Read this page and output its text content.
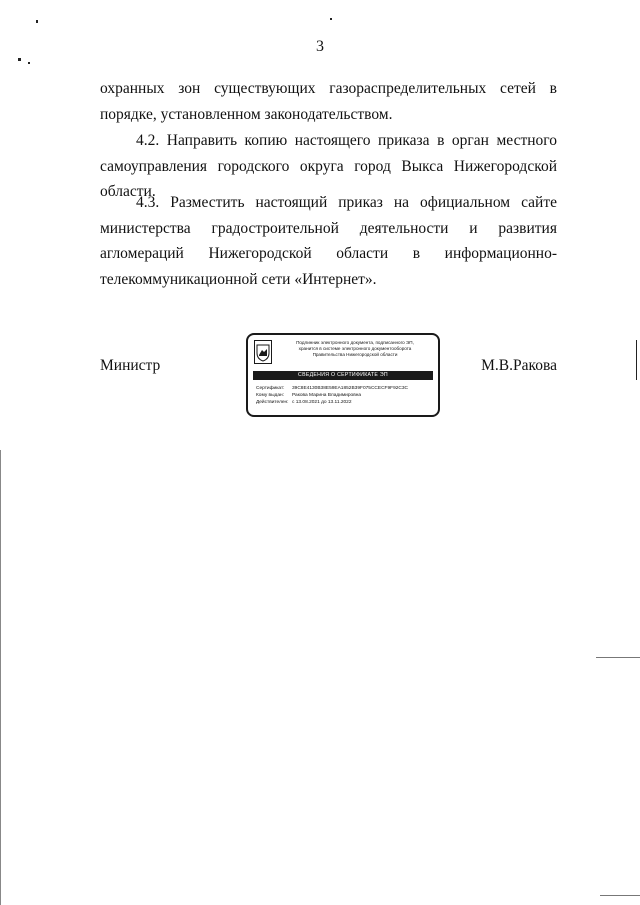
3
охранных зон существующих газораспределительных сетей в порядке, установленном законодательством.
4.2. Направить копию настоящего приказа в орган местного самоуправления городского округа город Выкса Нижегородской области.
4.3. Разместить настоящий приказ на официальном сайте министерства градостроительной деятельности и развития агломераций Нижегородской области в информационно-телекоммуникационной сети «Интернет».
Министр	М.В.Ракова
Подлинник электронного документа, подписанного ЭП,
хранится в системе электронного документооборота
Правительства Нижегородской области
СВЕДЕНИЯ О СЕРТИФИКАТЕ ЭП
Сертификат: 39C8E4130B38E59EA1852B39F075CCECF9F92C3C
Кому выдан: Ракова Марина Владимировна
Действителен: с 13.08.2021 до 13.11.2022
